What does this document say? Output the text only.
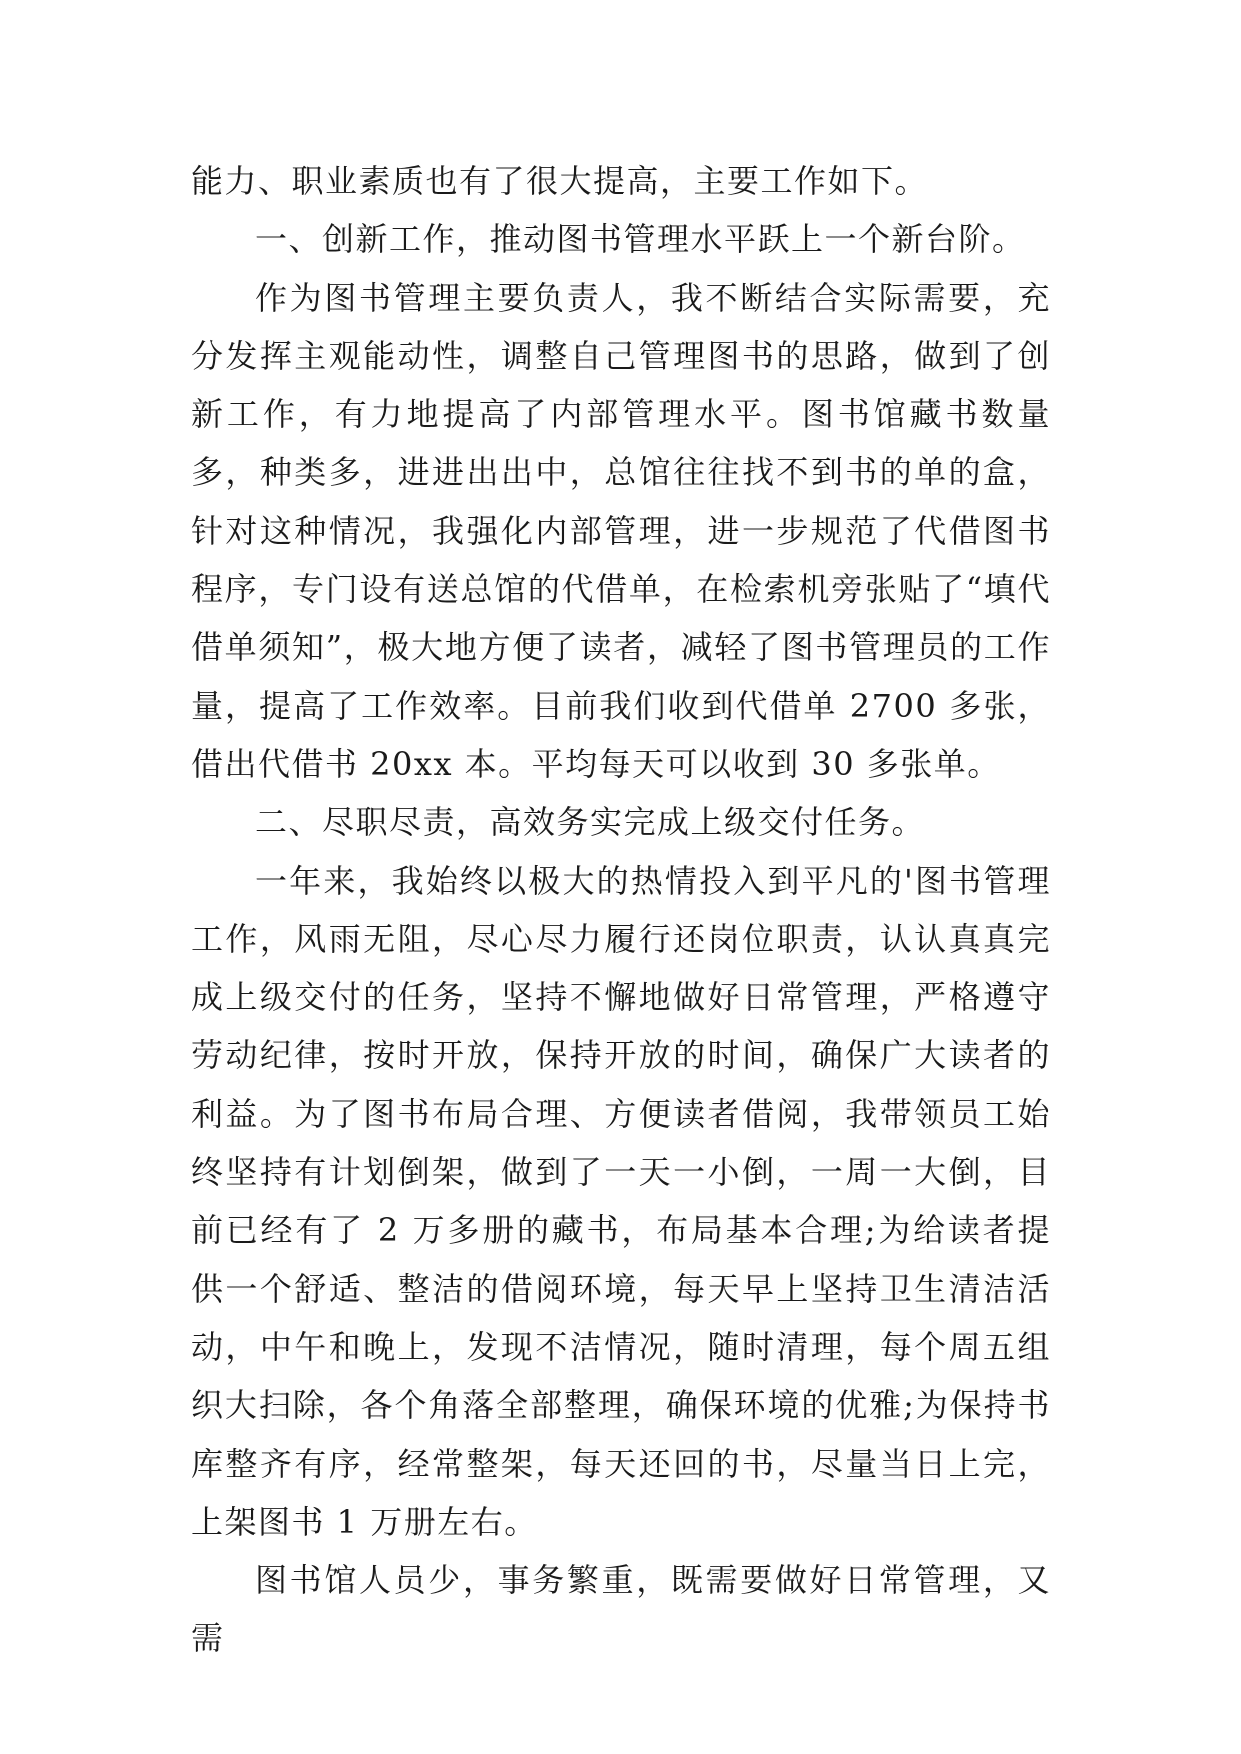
能力、职业素质也有了很大提高，主要工作如下。

一、创新工作，推动图书管理水平跃上一个新台阶。

作为图书管理主要负责人，我不断结合实际需要，充分发挥主观能动性，调整自己管理图书的思路，做到了创新工作，有力地提高了内部管理水平。图书馆藏书数量多，种类多，进进出出中，总馆往往找不到书的单的盒，针对这种情况，我强化内部管理，进一步规范了代借图书程序，专门设有送总馆的代借单，在检索机旁张贴了“填代借单须知”，极大地方便了读者，减轻了图书管理员的工作量，提高了工作效率。目前我们收到代借单 2700 多张，借出代借书 20xx 本。平均每天可以收到 30 多张单。

二、尽职尽责，高效务实完成上级交付任务。

一年来，我始终以极大的热情投入到平凡的'图书管理工作，风雨无阻，尽心尽力履行还岗位职责，认认真真完成上级交付的任务，坚持不懈地做好日常管理，严格遵守劳动纪律，按时开放，保持开放的时间，确保广大读者的利益。为了图书布局合理、方便读者借阅，我带领员工始终坚持有计划倒架，做到了一天一小倒，一周一大倒，目前已经有了 2 万多册的藏书，布局基本合理;为给读者提供一个舒适、整洁的借阅环境，每天早上坚持卫生清洁活动，中午和晚上，发现不洁情况，随时清理，每个周五组织大扫除，各个角落全部整理，确保环境的优雅;为保持书库整齐有序，经常整架，每天还回的书，尽量当日上完，上架图书 1 万册左右。

图书馆人员少，事务繁重，既需要做好日常管理，又需
